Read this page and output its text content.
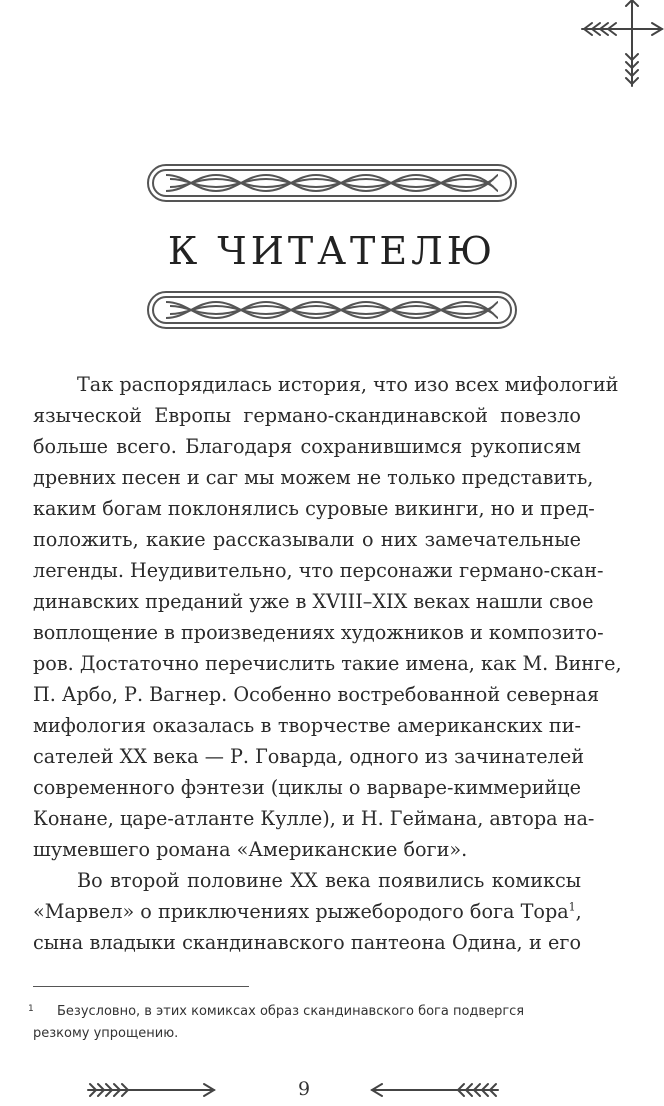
К ЧИТАТЕЛЮ

Так распорядилась история, что изо всех мифологий
языческой Европы германо-скандинавской повезло
больше всего. Благодаря сохранившимся рукописям
древних песен и саг мы можем не только представить,
каким богам поклонялись суровые викинги, но и пред-
положить, какие рассказывали о них замечательные
легенды. Неудивительно, что персонажи германо-скан-
динавских преданий уже в XVIII–XIX веках нашли свое
воплощение в произведениях художников и композито-
ров. Достаточно перечислить такие имена, как М. Винге,
П. Арбо, Р. Вагнер. Особенно востребованной северная
мифология оказалась в творчестве американских пи-
сателей XX века — Р. Говарда, одного из зачинателей
современного фэнтези (циклы о варваре-киммерийце
Конане, царе-атланте Кулле), и Н. Геймана, автора на-
шумевшего романа «Американские боги».

Во второй половине XX века появились комиксы
«Марвел» о приключениях рыжебородого бога Тора$^1$,
сына владыки скандинавского пантеона Одина, и его

1	Безусловно, в этих комиксах образ скандинавского бога подвергся резкому упрощению.
9
